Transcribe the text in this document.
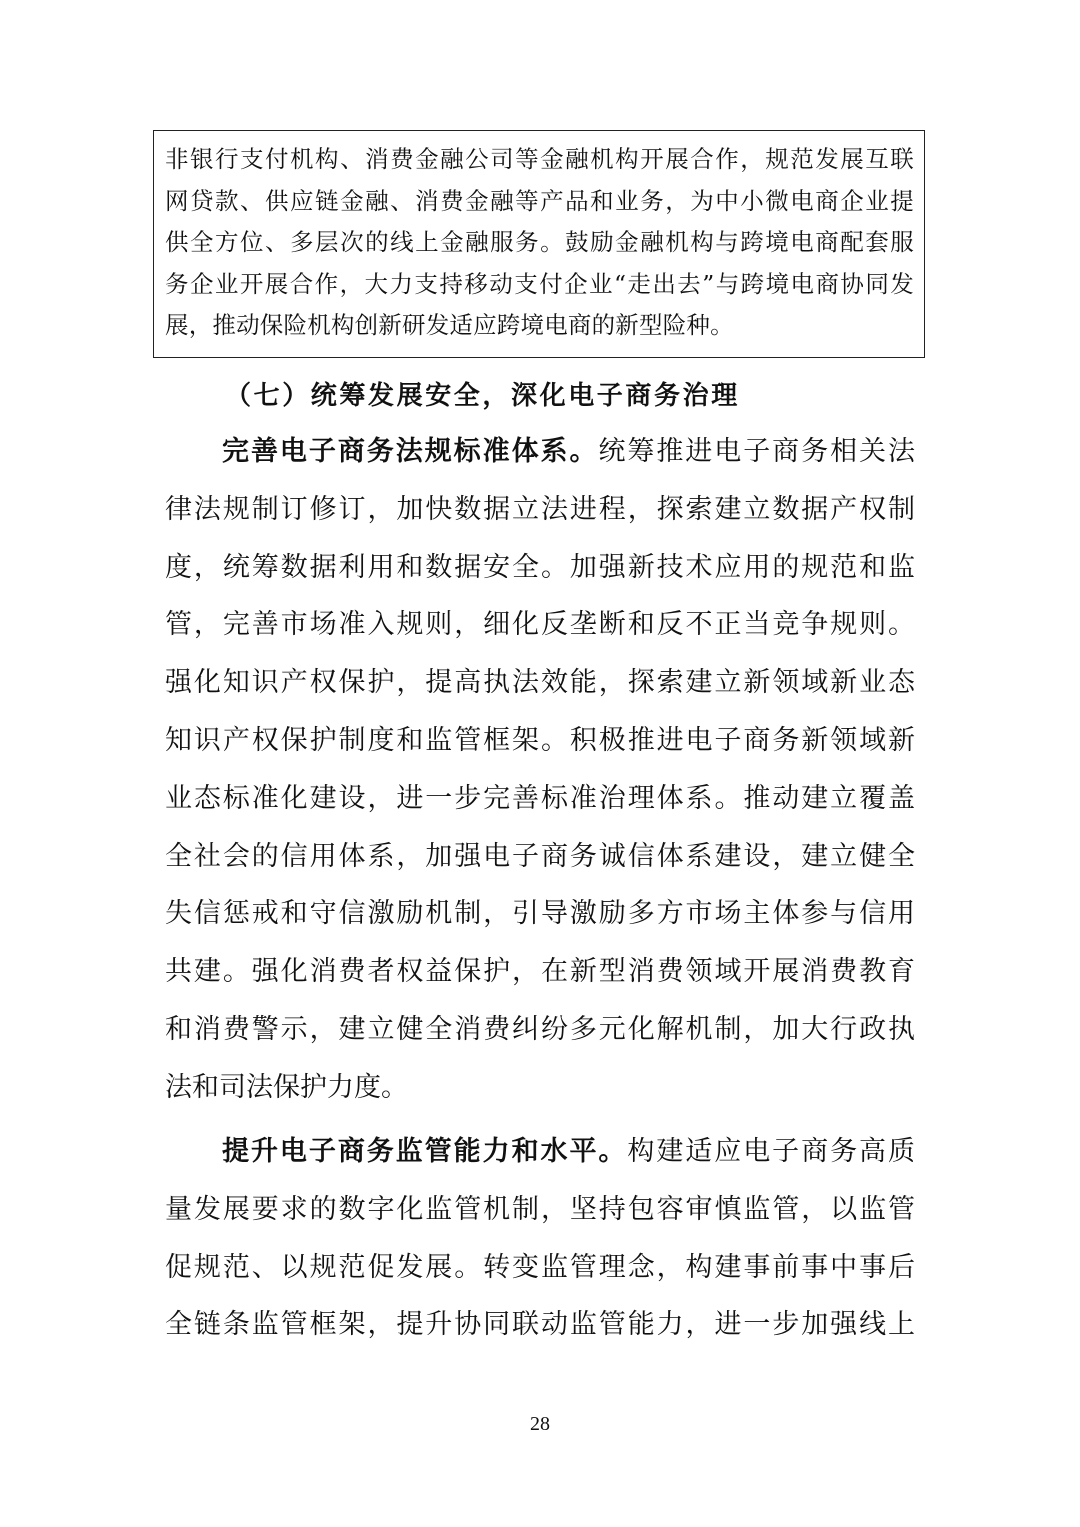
非银行支付机构、消费金融公司等金融机构开展合作，规范发展互联
网贷款、供应链金融、消费金融等产品和业务，为中小微电商企业提
供全方位、多层次的线上金融服务。鼓励金融机构与跨境电商配套服
务企业开展合作，大力支持移动支付企业“走出去”与跨境电商协同发
展，推动保险机构创新研发适应跨境电商的新型险种。
（七）统筹发展安全，深化电子商务治理
完善电子商务法规标准体系。统筹推进电子商务相关法
律法规制订修订，加快数据立法进程，探索建立数据产权制
度，统筹数据利用和数据安全。加强新技术应用的规范和监
管，完善市场准入规则，细化反垄断和反不正当竞争规则。
强化知识产权保护，提高执法效能，探索建立新领域新业态
知识产权保护制度和监管框架。积极推进电子商务新领域新
业态标准化建设，进一步完善标准治理体系。推动建立覆盖
全社会的信用体系，加强电子商务诚信体系建设，建立健全
失信惩戒和守信激励机制，引导激励多方市场主体参与信用
共建。强化消费者权益保护，在新型消费领域开展消费教育
和消费警示，建立健全消费纠纷多元化解机制，加大行政执
法和司法保护力度。
提升电子商务监管能力和水平。构建适应电子商务高质
量发展要求的数字化监管机制，坚持包容审慎监管，以监管
促规范、以规范促发展。转变监管理念，构建事前事中事后
全链条监管框架，提升协同联动监管能力，进一步加强线上
28
